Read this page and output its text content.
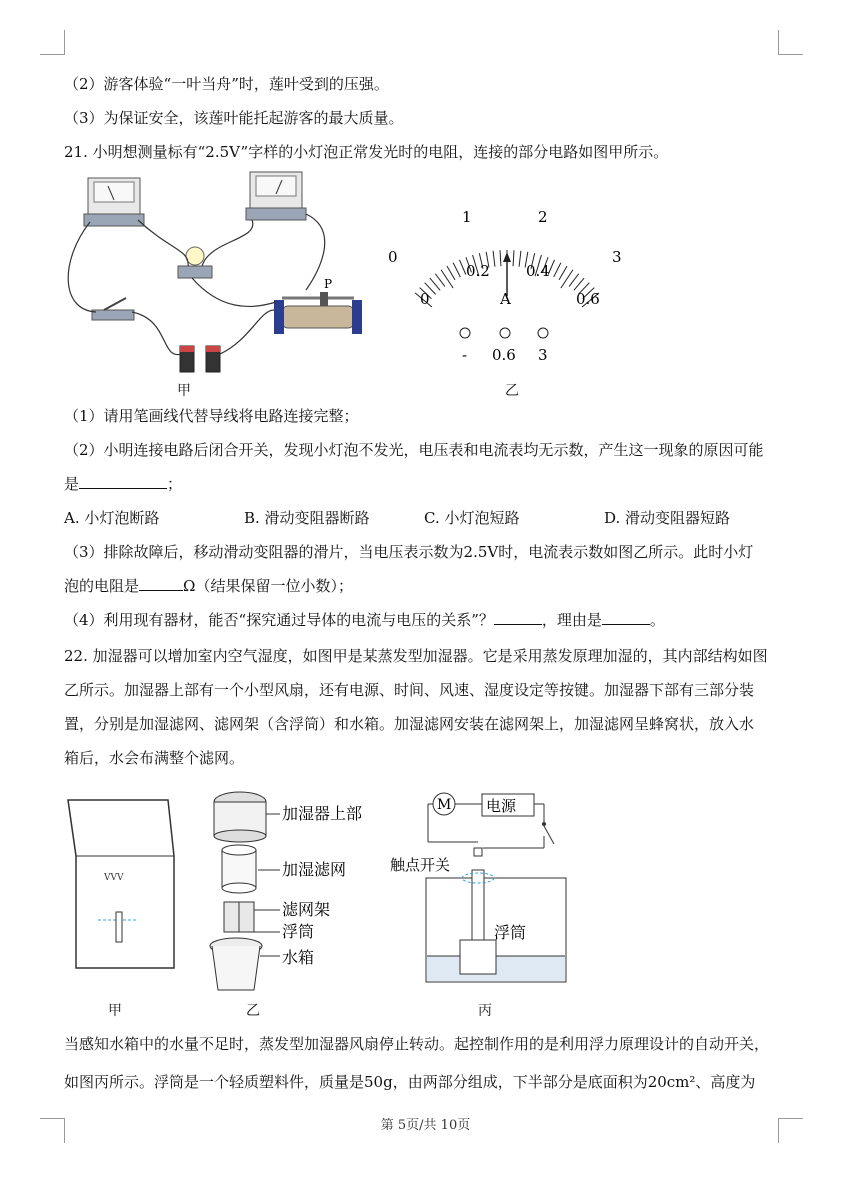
（2）游客体验“一叶当舟”时，莲叶受到的压强。
（3）为保证安全，该莲叶能托起游客的最大质量。
21. 小明想测量标有“2.5V”字样的小灯泡正常发光时的电阻，连接的部分电路如图甲所示。
P
甲
0
1	2
3
0
0.2 0.4
0.6
A
- 0.6 3
乙
（1）请用笔画线代替导线将电路连接完整；
（2）小明连接电路后闭合开关，发现小灯泡不发光，电压表和电流表均无示数，产生这一现象的原因可能
是	；
A. 小灯泡断路	B. 滑动变阻器断路	C. 小灯泡短路	D. 滑动变阻器短路
（3）排除故障后，移动滑动变阻器的滑片，当电压表示数为2.5V时，电流表示数如图乙所示。此时小灯
泡的电阻是	Ω（结果保留一位小数）；
（4）利用现有器材，能否“探究通过导体的电流与电压的关系”？	，理由是	。
22. 加湿器可以增加室内空气湿度，如图甲是某蒸发型加湿器。它是采用蒸发原理加湿的，其内部结构如图
乙所示。加湿器上部有一个小型风扇，还有电源、时间、风速、湿度设定等按键。加湿器下部有三部分装
置，分别是加湿滤网、滤网架（含浮筒）和水箱。加湿滤网安装在滤网架上，加湿滤网呈蜂窝状，放入水
箱后，水会布满整个滤网。
VVV
甲
加湿器上部
加湿滤网
滤网架
浮筒
水箱
乙
M 电源
触点开关
浮筒
丙
当感知水箱中的水量不足时，蒸发型加湿器风扇停止转动。起控制作用的是利用浮力原理设计的自动开关，
如图丙所示。浮筒是一个轻质塑料件，质量是50g，由两部分组成，下半部分是底面积为20cm²、高度为
第 5页/共 10页
